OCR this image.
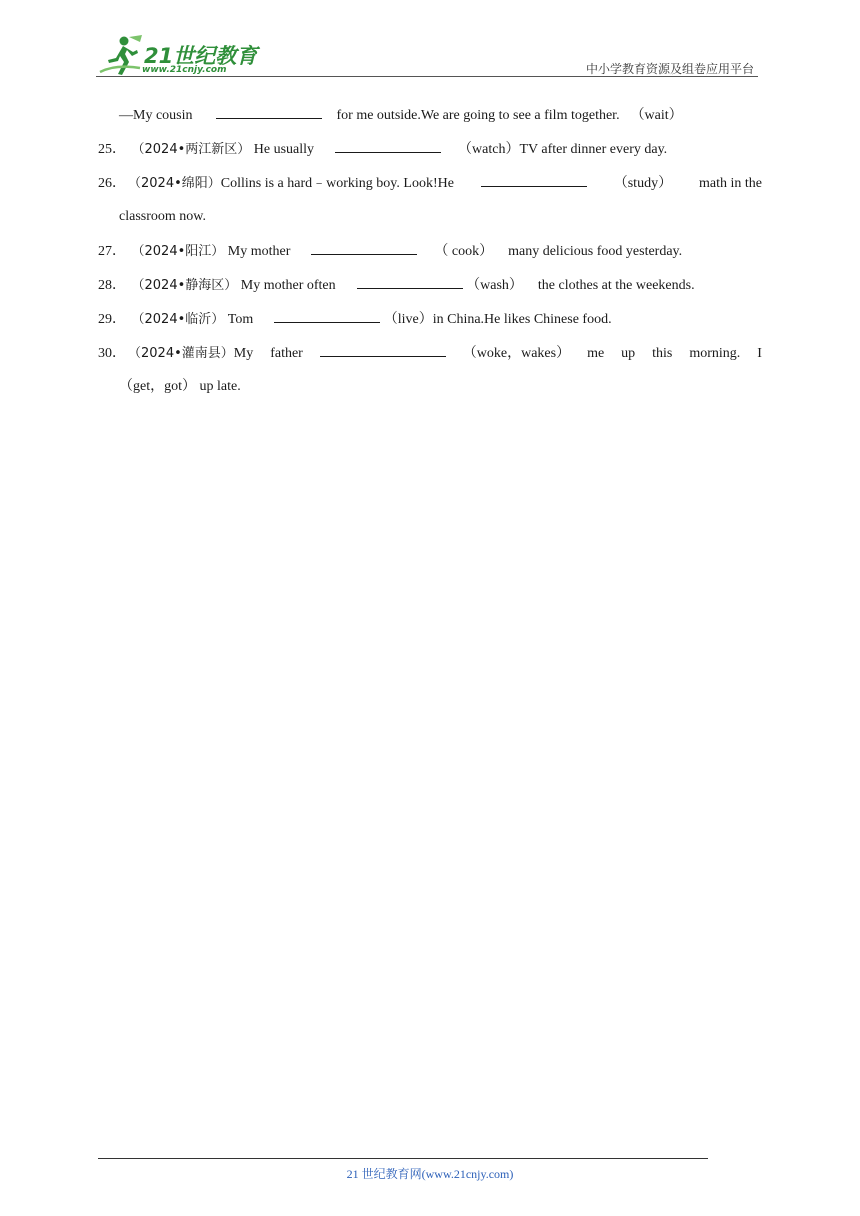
21世纪教育
www.21cnjy.com	中小学教育资源及组卷应用平台
—My cousin	for me outside.We are going to see a film together. （wait）
25． （2024•两江新区） He usually	（watch）TV after dinner every day.
26． （2024•绵阳）Collins is a hard﹣working boy. Look!He	（study） math in the
classroom now.
27． （2024•阳江） My mother	（ cook） many delicious food yesterday.
28． （2024•静海区） My mother often	（wash） the clothes at the weekends.
29． （2024•临沂） Tom	（live）in China.He likes Chinese food.
30． （2024•灌南县）My father	（woke，wakes） me up this morning. I
（get，got） up late.
21 世纪教育网(www.21cnjy.com)
